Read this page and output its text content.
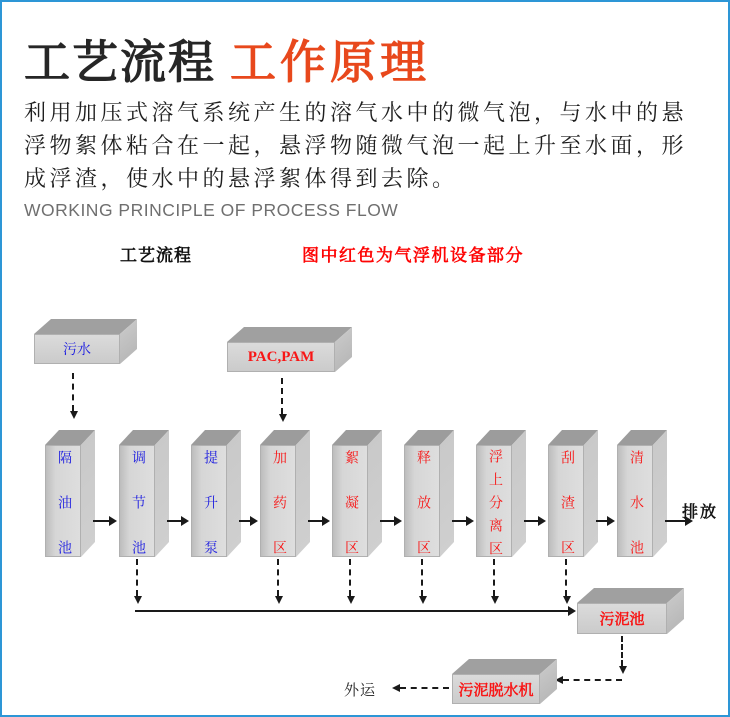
工艺流程 工作原理

利用加压式溶气系统产生的溶气水中的微气泡，与水中的悬浮物絮体粘合在一起，悬浮物随微气泡一起上升至水面，形成浮渣，使水中的悬浮絮体得到去除。

WORKING PRINCIPLE OF PROCESS FLOW
工艺流程	图中红色为气浮机设备部分
污水	PAC,PAM
隔油池	调节池	提升泵	加药区	絮凝区	释放区	浮上分离区	刮渣区	清水池 排放
污泥池
污泥脱水机
外运
